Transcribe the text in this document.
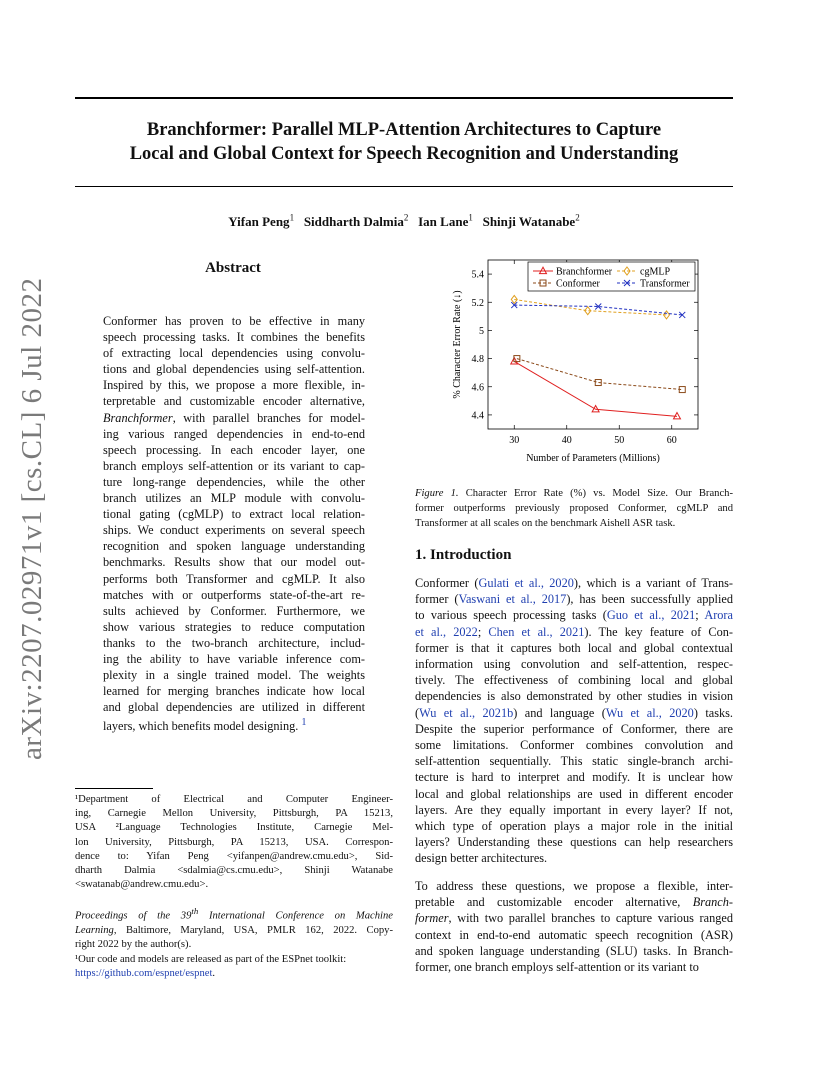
Branchformer: Parallel MLP-Attention Architectures to Capture
Local and Global Context for Speech Recognition and Understanding
Yifan Peng$^1$ Siddharth Dalmia$^2$ Ian Lane$^1$ Shinji Watanabe$^2$
arXiv:2207.02971v1 [cs.CL] 6 Jul 2022
Abstract
Conformer has proven to be effective in many
speech processing tasks. It combines the benefits
of extracting local dependencies using convolu-
tions and global dependencies using self-attention.
Inspired by this, we propose a more flexible, in-
terpretable and customizable encoder alternative,
Branchformer, with parallel branches for model-
ing various ranged dependencies in end-to-end
speech processing. In each encoder layer, one
branch employs self-attention or its variant to cap-
ture long-range dependencies, while the other
branch utilizes an MLP module with convolu-
tional gating (cgMLP) to extract local relation-
ships. We conduct experiments on several speech
recognition and spoken language understanding
benchmarks. Results show that our model out-
performs both Transformer and cgMLP. It also
matches with or outperforms state-of-the-art re-
sults achieved by Conformer. Furthermore, we
show various strategies to reduce computation
thanks to the two-branch architecture, includ-
ing the ability to have variable inference com-
plexity in a single trained model. The weights
learned for merging branches indicate how local
and global dependencies are utilized in different
layers, which benefits model designing. $^1$
¹Department of Electrical and Computer Engineer-
ing, Carnegie Mellon University, Pittsburgh, PA 15213,
USA ²Language Technologies Institute, Carnegie Mel-
lon University, Pittsburgh, PA 15213, USA. Correspon-
dence to: Yifan Peng <yifanpen@andrew.cmu.edu>, Sid-
dharth Dalmia <sdalmia@cs.cmu.edu>, Shinji Watanabe
<swatanab@andrew.cmu.edu>.
Proceedings of the 39th International Conference on Machine
Learning, Baltimore, Maryland, USA, PMLR 162, 2022. Copy-
right 2022 by the author(s).
¹Our code and models are released as part of the ESPnet toolkit:
https://github.com/espnet/espnet.
30	40	50	60
4.4
4.6
4.8
5
5.2
5.4
Number of Parameters (Millions)
% Character Error Rate (↓)
Branchformer	cgMLP
Conformer	Transformer
Figure 1. Character Error Rate (%) vs. Model Size. Our Branch-
former outperforms previously proposed Conformer, cgMLP and
Transformer at all scales on the benchmark Aishell ASR task.
1. Introduction
Conformer (Gulati et al., 2020), which is a variant of Trans-
former (Vaswani et al., 2017), has been successfully applied
to various speech processing tasks (Guo et al., 2021; Arora
et al., 2022; Chen et al., 2021). The key feature of Con-
former is that it captures both local and global contextual
information using convolution and self-attention, respec-
tively. The effectiveness of combining local and global
dependencies is also demonstrated by other studies in vision
(Wu et al., 2021b) and language (Wu et al., 2020) tasks.
Despite the superior performance of Conformer, there are
some limitations. Conformer combines convolution and
self-attention sequentially. This static single-branch archi-
tecture is hard to interpret and modify. It is unclear how
local and global relationships are used in different encoder
layers. Are they equally important in every layer? If not,
which type of operation plays a major role in the initial
layers? Understanding these questions can help researchers
design better architectures.
To address these questions, we propose a flexible, inter-
pretable and customizable encoder alternative, Branch-
former, with two parallel branches to capture various ranged
context in end-to-end automatic speech recognition (ASR)
and spoken language understanding (SLU) tasks. In Branch-
former, one branch employs self-attention or its variant to
